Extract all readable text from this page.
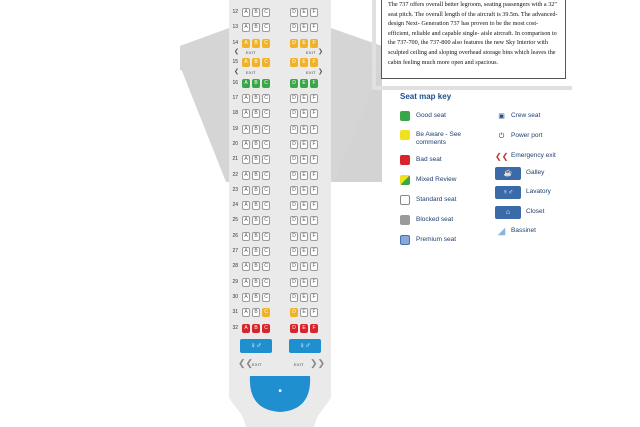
■
12	A	B	C	D	E	F
13	A	B	C	D	E	F
14	A	B	C	D	E	F
15	A	B	C	D	E	F
16	A	B	C	D	E	F
17	A	B	C	D	E	F
18	A	B	C	D	E	F
19	A	B	C	D	E	F
20	A	B	C	D	E	F
21	A	B	C	D	E	F
22	A	B	C	D	E	F
23	A	B	C	D	E	F
24	A	B	C	D	E	F
25	A	B	C	D	E	F
26	A	B	C	D	E	F
27	A	B	C	D	E	F
28	A	B	C	D	E	F
29	A	B	C	D	E	F
30	A	B	C	D	E	F
31	A	B	C	D	E	F
32	A	B	C	D	E	F
EXIT
❮
EXIT
❮
EXIT ❯
EXIT ❯
♀♂	♀♂
❮❮
EXIT	❯❯
EXIT
The 737 offers overall better legroom, seating passengers with a 32" seat pitch. The overall length of the aircraft is 39.5m. The advanced- design Next- Generation 737 has proven to be the most cost- efficient, reliable and capable single- aisle aircraft. In comparison to the 737-700, the 737-800 also features the new Sky Interior with sculpted ceiling and sloping overhead storage bins which leaves the cabin feeling much more open and spacious.
Seat map key
Good seat
Be Aware - See comments
Bad seat
Mixed Review
Standard seat
Blocked seat
Premium seat
▣ Crew seat
⏻	Power port
❮❮ Emergency exit
☕	Galley
♀♂	Lavatory
⌂	Closet
◢ Bassinet
